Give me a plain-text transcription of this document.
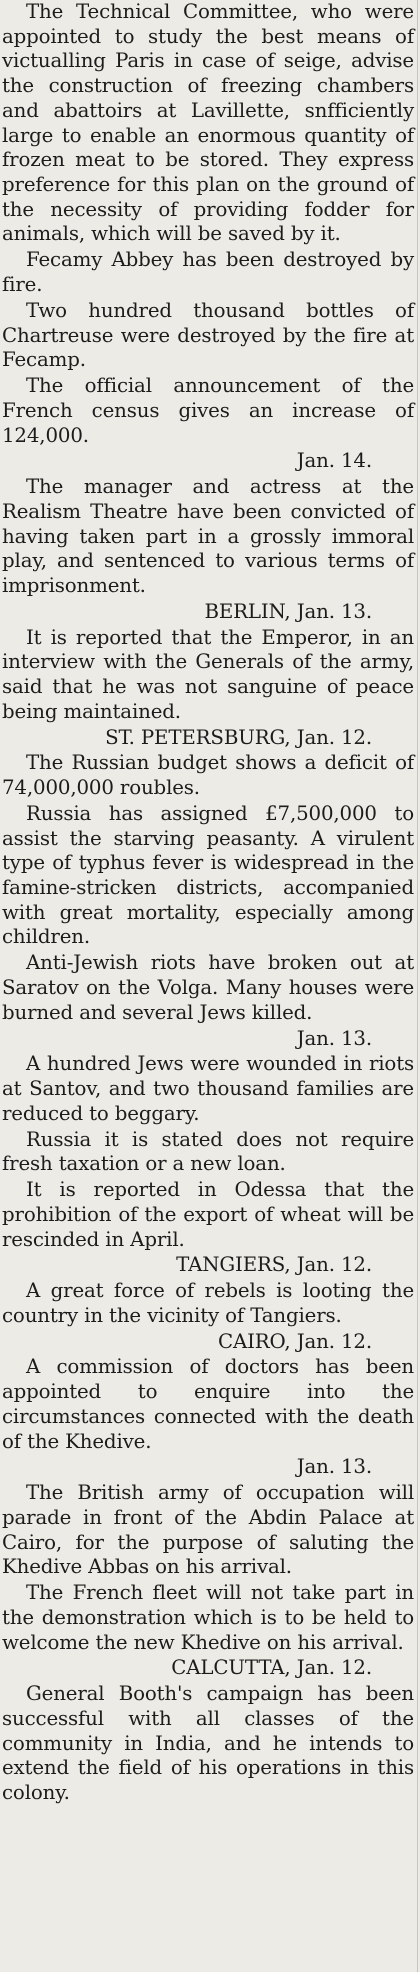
The Technical Committee, who were appointed to study the best means of victualling Paris in case of seige, advise the construction of freezing chambers and abattoirs at Lavillette, snfficiently large to enable an enormous quantity of frozen meat to be stored. They express preference for this plan on the ground of the necessity of providing fodder for animals, which will be saved by it.

Fecamy Abbey has been destroyed by fire.

Two hundred thousand bottles of Chartreuse were destroyed by the fire at Fecamp.

The official announcement of the French census gives an increase of 124,000.

Jan. 14.

The manager and actress at the Realism Theatre have been convicted of having taken part in a grossly immoral play, and sentenced to various terms of imprisonment.

BERLIN, Jan. 13.

It is reported that the Emperor, in an interview with the Generals of the army, said that he was not sanguine of peace being maintained.

ST. PETERSBURG, Jan. 12.

The Russian budget shows a deficit of 74,000,000 roubles.

Russia has assigned £7,500,000 to assist the starving peasanty. A virulent type of typhus fever is widespread in the famine-stricken districts, accompanied with great mortality, especially among children.

Anti-Jewish riots have broken out at Saratov on the Volga. Many houses were burned and several Jews killed.

Jan. 13.

A hundred Jews were wounded in riots at Santov, and two thousand families are reduced to beggary.

Russia it is stated does not require fresh taxation or a new loan.

It is reported in Odessa that the prohibition of the export of wheat will be rescinded in April.

TANGIERS, Jan. 12.

A great force of rebels is looting the country in the vicinity of Tangiers.

CAIRO, Jan. 12.

A commission of doctors has been appointed to enquire into the circumstances connected with the death of the Khedive.

Jan. 13.

The British army of occupation will parade in front of the Abdin Palace at Cairo, for the purpose of saluting the Khedive Abbas on his arrival.

The French fleet will not take part in the demonstration which is to be held to welcome the new Khedive on his arrival.

CALCUTTA, Jan. 12.

General Booth's campaign has been successful with all classes of the community in India, and he intends to extend the field of his operations in this colony.
